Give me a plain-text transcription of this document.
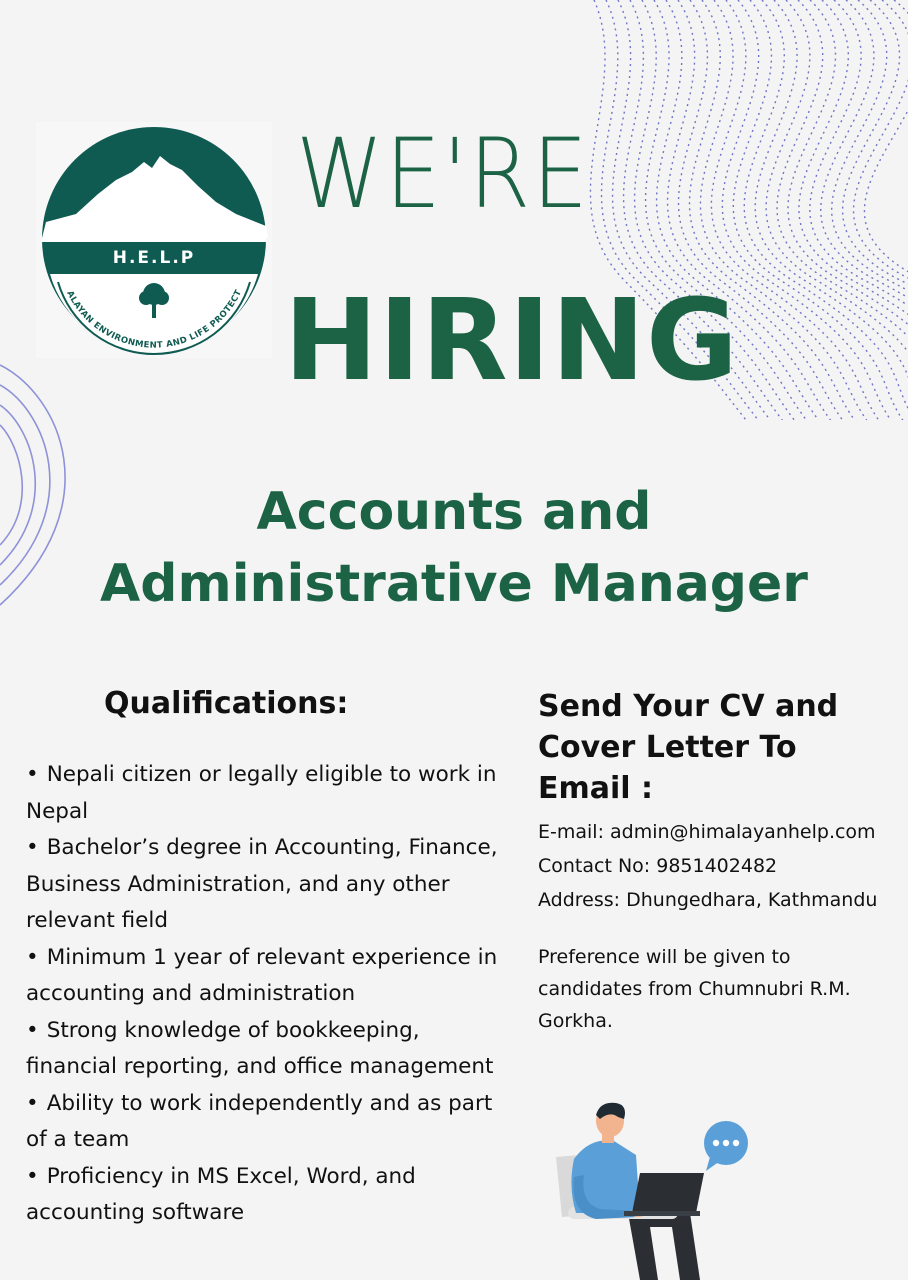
ALAYAN ENVIRONMENT AND LIFE PROTECT
H.E.L.P
WE'RE
HIRING
Accounts and
Administrative Manager
Qualifications:
• Nepali citizen or legally eligible to work in Nepal
• Bachelor’s degree in Accounting, Finance, Business Administration, and any other relevant field
• Minimum 1 year of relevant experience in accounting and administration
• Strong knowledge of bookkeeping, financial reporting, and office management
• Ability to work independently and as part of a team
• Proficiency in MS Excel, Word, and accounting software
Send Your CV and
Cover Letter To Email :
E-mail: admin@himalayanhelp.com
Contact No: 9851402482
Address: Dhungedhara, Kathmandu
Preference will be given to candidates from Chumnubri R.M. Gorkha.
